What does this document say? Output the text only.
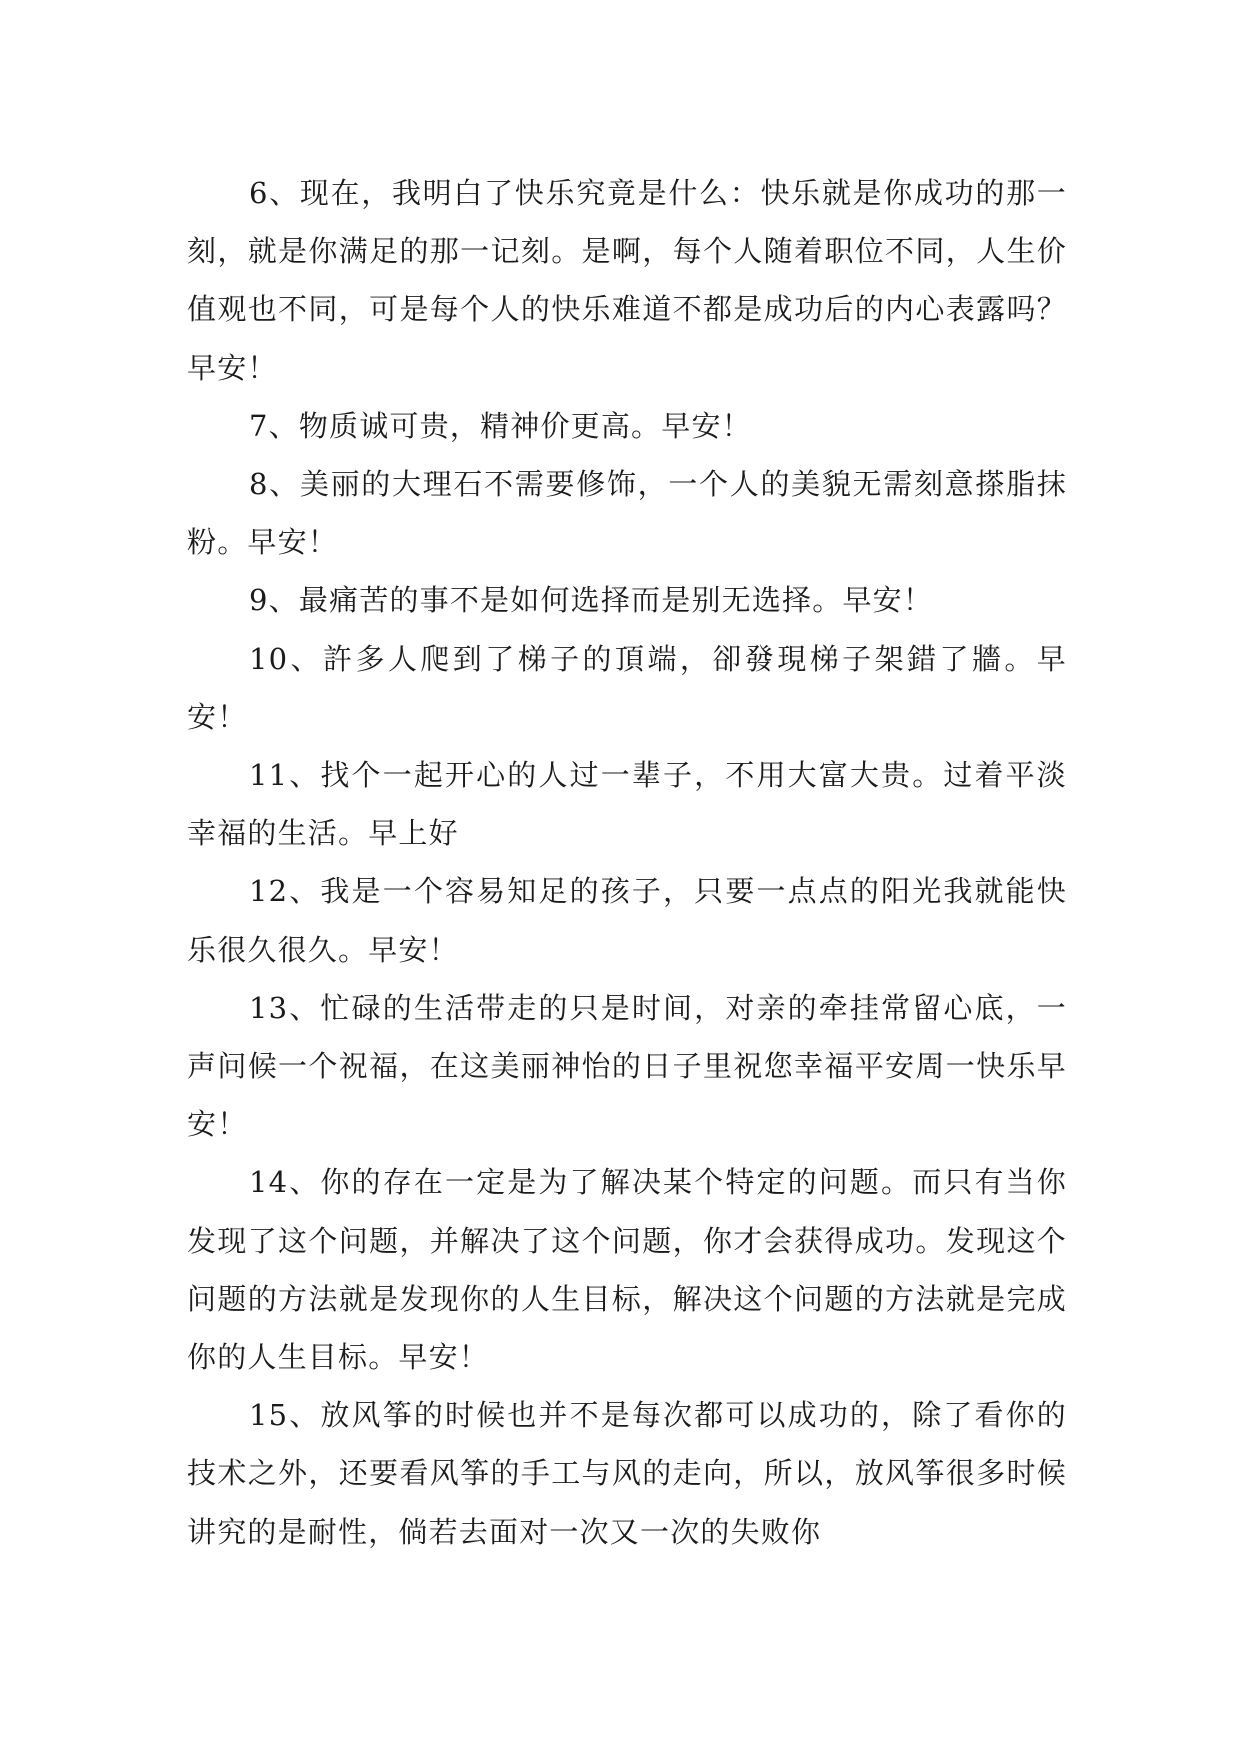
6、现在，我明白了快乐究竟是什么：快乐就是你成功的那一刻，就是你满足的那一记刻。是啊，每个人随着职位不同，人生价值观也不同，可是每个人的快乐难道不都是成功后的内心表露吗？早安！

7、物质诚可贵，精神价更高。早安！

8、美丽的大理石不需要修饰，一个人的美貌无需刻意搽脂抹粉。早安！

9、最痛苦的事不是如何选择而是别无选择。早安！

10、許多人爬到了梯子的頂端，卻發現梯子架錯了牆。早安！

11、找个一起开心的人过一辈子，不用大富大贵。过着平淡幸福的生活。早上好

12、我是一个容易知足的孩子，只要一点点的阳光我就能快乐很久很久。早安！

13、忙碌的生活带走的只是时间，对亲的牵挂常留心底，一声问候一个祝福，在这美丽神怡的日子里祝您幸福平安周一快乐早安！

14、你的存在一定是为了解决某个特定的问题。而只有当你发现了这个问题，并解决了这个问题，你才会获得成功。发现这个问题的方法就是发现你的人生目标，解决这个问题的方法就是完成你的人生目标。早安！

15、放风筝的时候也并不是每次都可以成功的，除了看你的技术之外，还要看风筝的手工与风的走向，所以，放风筝很多时候讲究的是耐性，倘若去面对一次又一次的失败你
